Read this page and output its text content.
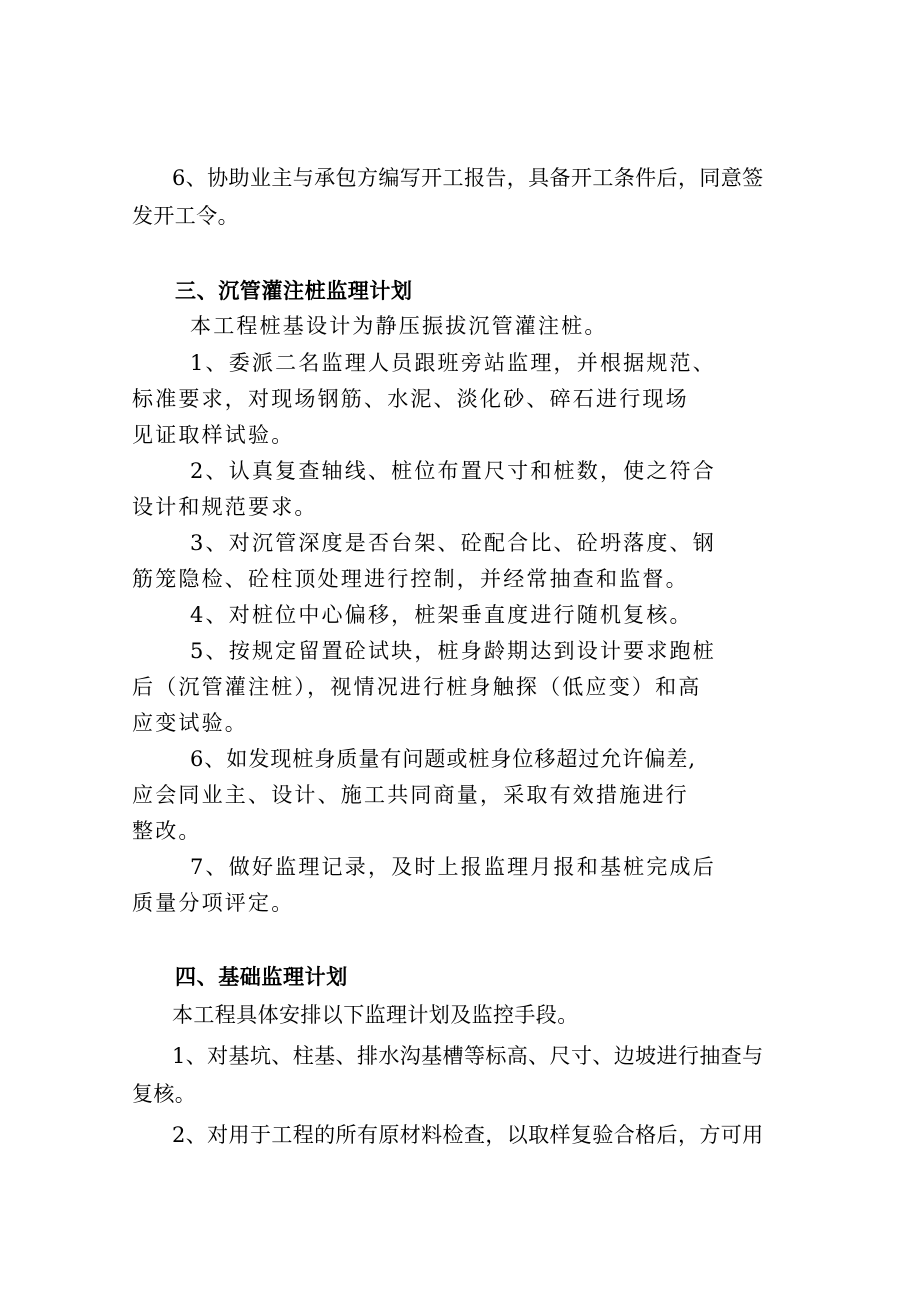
6、协助业主与承包方编写开工报告，具备开工条件后，同意签
发开工令。
三、沉管灌注桩监理计划
本工程桩基设计为静压振拔沉管灌注桩。
1、委派二名监理人员跟班旁站监理，并根据规范、
标准要求，对现场钢筋、水泥、淡化砂、碎石进行现场
见证取样试验。
2、认真复查轴线、桩位布置尺寸和桩数，使之符合
设计和规范要求。
3、对沉管深度是否台架、砼配合比、砼坍落度、钢
筋笼隐检、砼柱顶处理进行控制，并经常抽查和监督。
4、对桩位中心偏移，桩架垂直度进行随机复核。
5、按规定留置砼试块，桩身龄期达到设计要求跑桩
后（沉管灌注桩），视情况进行桩身触探（低应变）和高
应变试验。
6、如发现桩身质量有问题或桩身位移超过允许偏差,
应会同业主、设计、施工共同商量，采取有效措施进行
整改。
7、做好监理记录，及时上报监理月报和基桩完成后
质量分项评定。
四、基础监理计划
本工程具体安排以下监理计划及监控手段。
1、对基坑、柱基、排水沟基槽等标高、尺寸、边坡进行抽查与
复核。
2、对用于工程的所有原材料检查，以取样复验合格后，方可用
